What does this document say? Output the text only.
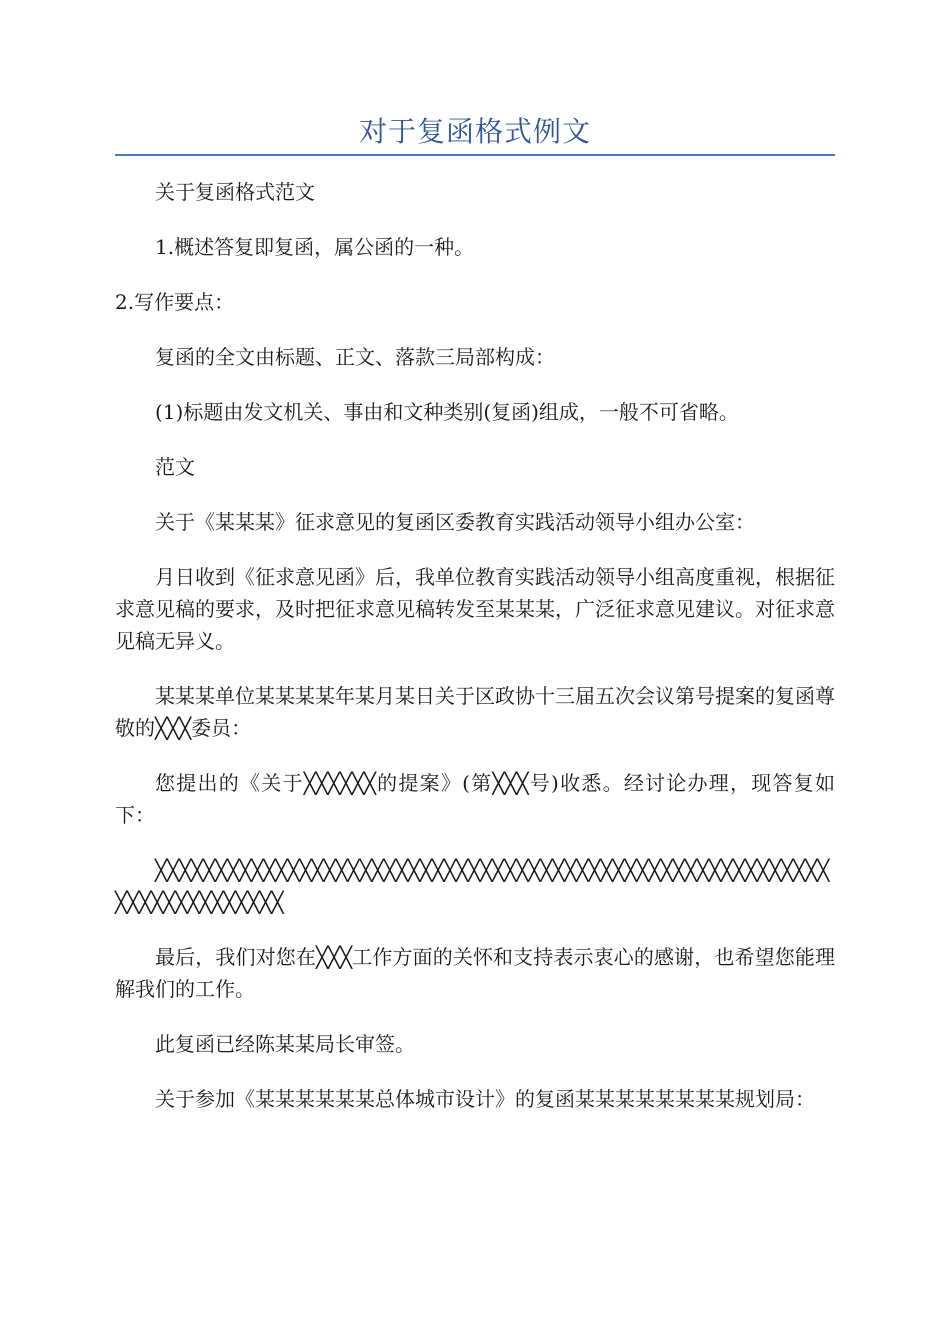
对于复函格式例文

关于复函格式范文

1.概述答复即复函，属公函的一种。

2.写作要点：

复函的全文由标题、正文、落款三局部构成：

(1)标题由发文机关、事由和文种类别(复函)组成，一般不可省略。

范文

关于《某某某》征求意见的复函区委教育实践活动领导小组办公室：

月日收到《征求意见函》后，我单位教育实践活动领导小组高度重视，根据征求意见稿的要求，及时把征求意见稿转发至某某某，广泛征求意见建议。对征求意见稿无异义。

某某某单位某某某某年某月某日关于区政协十三届五次会议第号提案的复函尊敬的╳╳╳委员：

您提出的《关于╳╳╳╳╳╳的提案》(第╳╳╳号)收悉。经讨论办理，现答复如下：

╳╳╳╳╳╳╳╳╳╳╳╳╳╳╳╳╳╳╳╳╳╳╳╳╳╳╳╳╳╳╳╳╳╳╳╳╳╳╳╳╳╳╳╳╳╳╳╳╳╳╳╳╳╳╳╳╳╳╳╳╳╳╳╳╳╳╳╳╳╳

最后，我们对您在╳╳╳工作方面的关怀和支持表示衷心的感谢，也希望您能理解我们的工作。

此复函已经陈某某局长审签。

关于参加《某某某某某某总体城市设计》的复函某某某某某某某某规划局：
